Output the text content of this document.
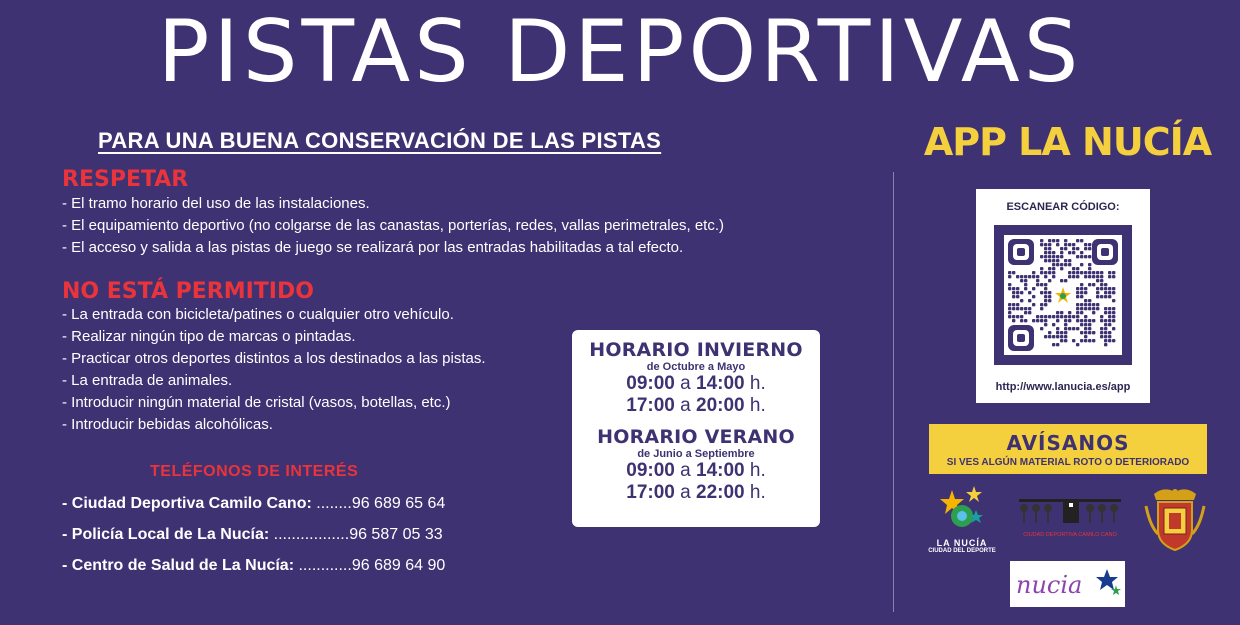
PISTAS DEPORTIVAS
PARA UNA BUENA CONSERVACIÓN DE LAS PISTAS
RESPETAR
- El tramo horario del uso de las instalaciones.
- El equipamiento deportivo (no colgarse de las canastas, porterías, redes, vallas perimetrales, etc.)
- El acceso y salida a las pistas de juego se realizará por las entradas habilitadas a tal efecto.
NO ESTÁ PERMITIDO
- La entrada con bicicleta/patines o cualquier otro vehículo.
- Realizar ningún tipo de marcas o pintadas.
- Practicar otros deportes distintos a los destinados a las pistas.
- La entrada de animales.
- Introducir ningún material de cristal (vasos, botellas, etc.)
- Introducir bebidas alcohólicas.
TELÉFONOS DE INTERÉS
- Ciudad Deportiva Camilo Cano: ........96 689 65 64
- Policía Local de La Nucía: .................96 587 05 33
- Centro de Salud de La Nucía: ............96 689 64 90
HORARIO INVIERNO
de Octubre a Mayo
09:00 a 14:00 h.
17:00 a 20:00 h.
HORARIO VERANO
de Junio a Septiembre
09:00 a 14:00 h.
17:00 a 22:00 h.
APP LA NUCÍA
ESCANEAR CÓDIGO:
http://www.lanucia.es/app
AVÍSANOS
SI VES ALGÚN MATERIAL ROTO O DETERIORADO
LA NUCÍA
CIUDAD DEL DEPORTE
CIUDAD DEPORTIVA CAMILO CANO
nucia
